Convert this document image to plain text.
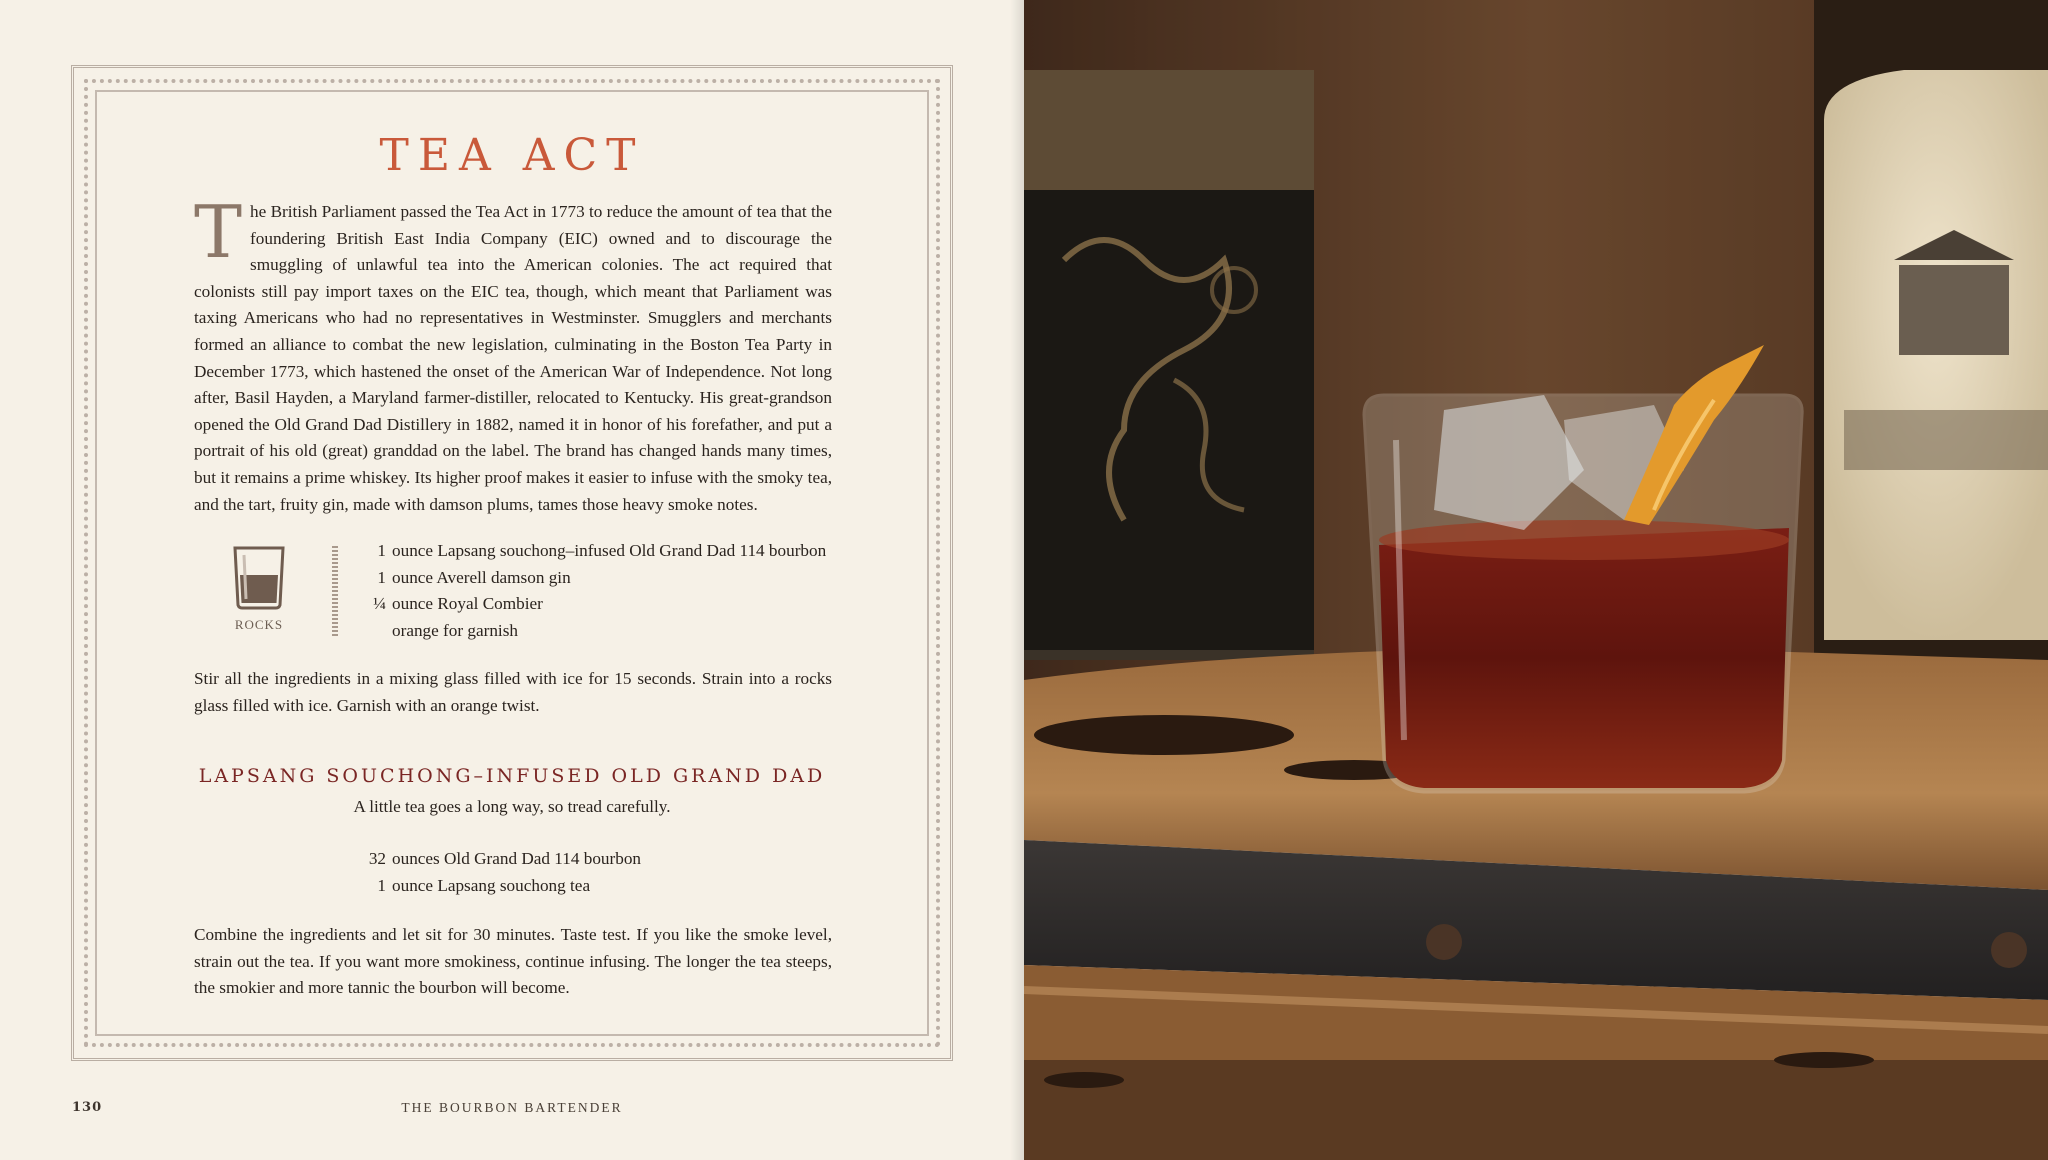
TEA ACT

The British Parliament passed the Tea Act in 1773 to reduce the amount of tea that the foundering British East India Company (EIC) owned and to discourage the smuggling of unlawful tea into the American colonies. The act required that colonists still pay import taxes on the EIC tea, though, which meant that Parliament was taxing Americans who had no representatives in Westminster. Smugglers and merchants formed an alliance to combat the new legislation, culminating in the Boston Tea Party in December 1773, which hastened the onset of the American War of Independence. Not long after, Basil Hayden, a Maryland farmer-distiller, relocated to Kentucky. His great-grandson opened the Old Grand Dad Distillery in 1882, named it in honor of his forefather, and put a portrait of his old (great) granddad on the label. The brand has changed hands many times, but it remains a prime whiskey. Its higher proof makes it easier to infuse with the smoky tea, and the tart, fruity gin, made with damson plums, tames those heavy smoke notes.

ROCKS
1 ounce Lapsang souchong–infused Old Grand Dad 114 bourbon
1 ounce Averell damson gin
¼ ounce Royal Combier
orange for garnish

Stir all the ingredients in a mixing glass filled with ice for 15 seconds. Strain into a rocks glass filled with ice. Garnish with an orange twist.

LAPSANG SOUCHONG–INFUSED OLD GRAND DAD

A little tea goes a long way, so tread carefully.

32 ounces Old Grand Dad 114 bourbon
1 ounce Lapsang souchong tea

Combine the ingredients and let sit for 30 minutes. Taste test. If you like the smoke level, strain out the tea. If you want more smokiness, continue infusing. The longer the tea steeps, the smokier and more tannic the bourbon will become.

130	THE BOURBON BARTENDER
